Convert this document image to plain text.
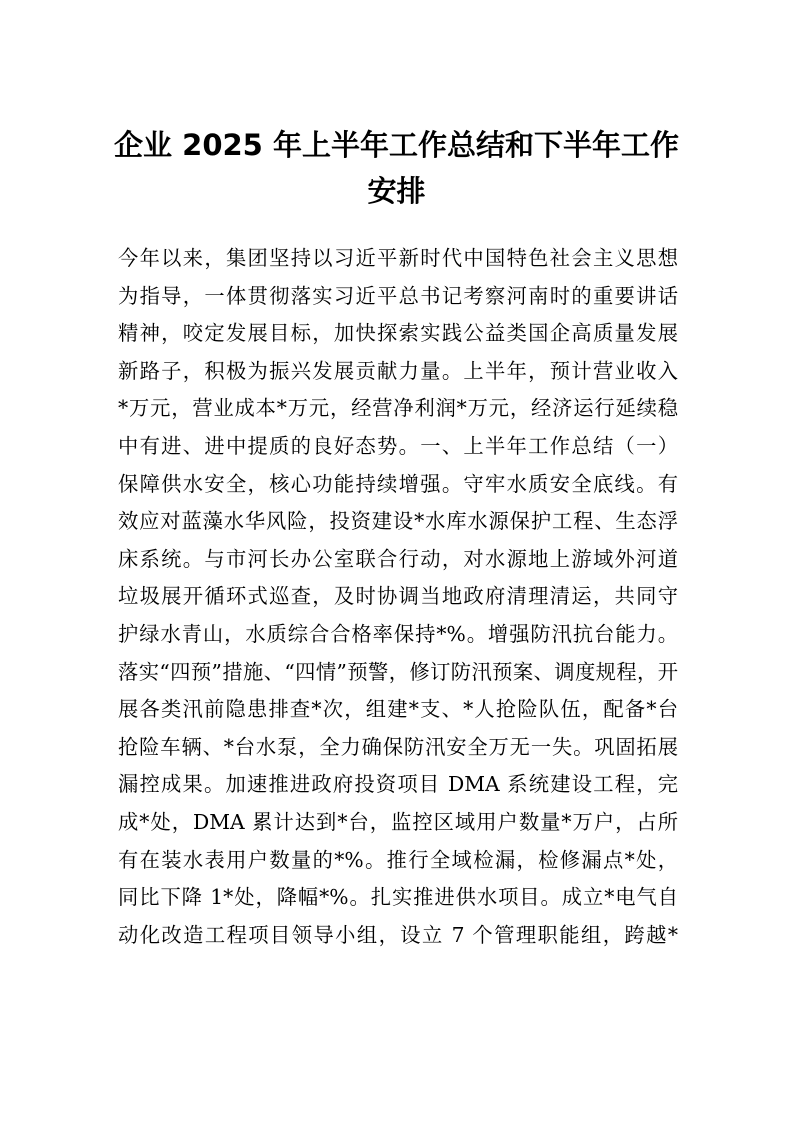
企业 2025 年上半年工作总结和下半年工作
安排
今年以来，集团坚持以习近平新时代中国特色社会主义思想
为指导，一体贯彻落实习近平总书记考察河南时的重要讲话
精神，咬定发展目标，加快探索实践公益类国企高质量发展
新路子，积极为振兴发展贡献力量。上半年，预计营业收入
*万元，营业成本*万元，经营净利润*万元，经济运行延续稳
中有进、进中提质的良好态势。一、上半年工作总结（一）
保障供水安全，核心功能持续增强。守牢水质安全底线。有
效应对蓝藻水华风险，投资建设*水库水源保护工程、生态浮
床系统。与市河长办公室联合行动，对水源地上游域外河道
垃圾展开循环式巡查，及时协调当地政府清理清运，共同守
护绿水青山，水质综合合格率保持*%。增强防汛抗台能力。
落实“四预”措施、“四情”预警，修订防汛预案、调度规程，开
展各类汛前隐患排查*次，组建*支、*人抢险队伍，配备*台
抢险车辆、*台水泵，全力确保防汛安全万无一失。巩固拓展
漏控成果。加速推进政府投资项目 DMA 系统建设工程，完
成*处，DMA 累计达到*台，监控区域用户数量*万户，占所
有在装水表用户数量的*%。推行全域检漏，检修漏点*处，
同比下降 1*处，降幅*%。扎实推进供水项目。成立*电气自
动化改造工程项目领导小组，设立 7 个管理职能组，跨越*
